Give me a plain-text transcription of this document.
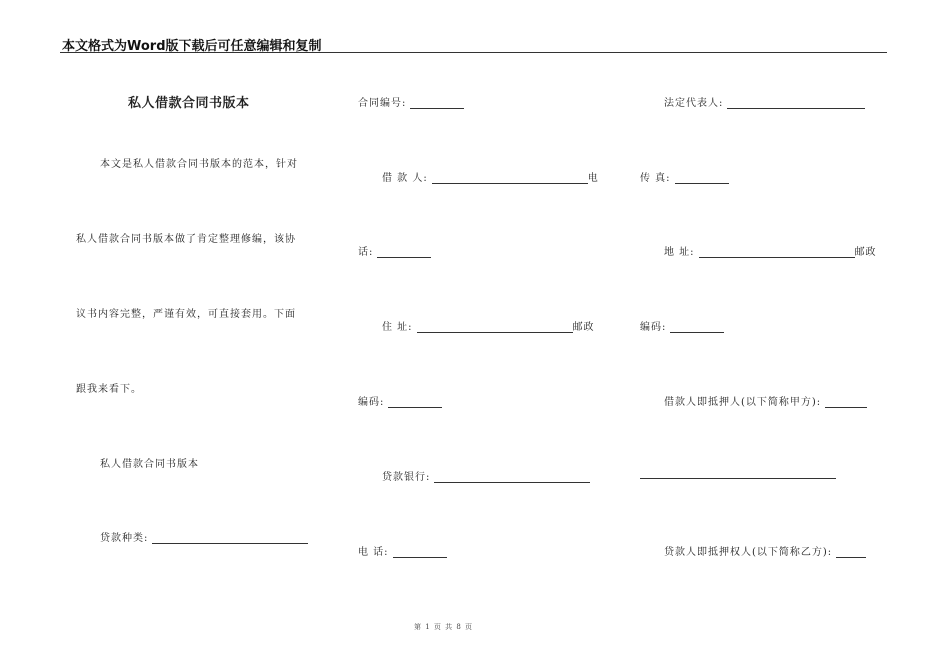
本文格式为Word版下载后可任意编辑和复制
私人借款合同书版本
本文是私人借款合同书版本的范本，针对
私人借款合同书版本做了肯定整理修编，该协
议书内容完整，严谨有效，可直接套用。下面
跟我来看下。
私人借款合同书版本
贷款种类:
合同编号:
借 款 人:	电
话:
住 址:	邮政
编码:
贷款银行:
电 话:
法定代表人:
传 真:
地 址:	邮政
编码:
借款人即抵押人(以下简称甲方):
贷款人即抵押权人(以下简称乙方):
第 1 页 共 8 页
